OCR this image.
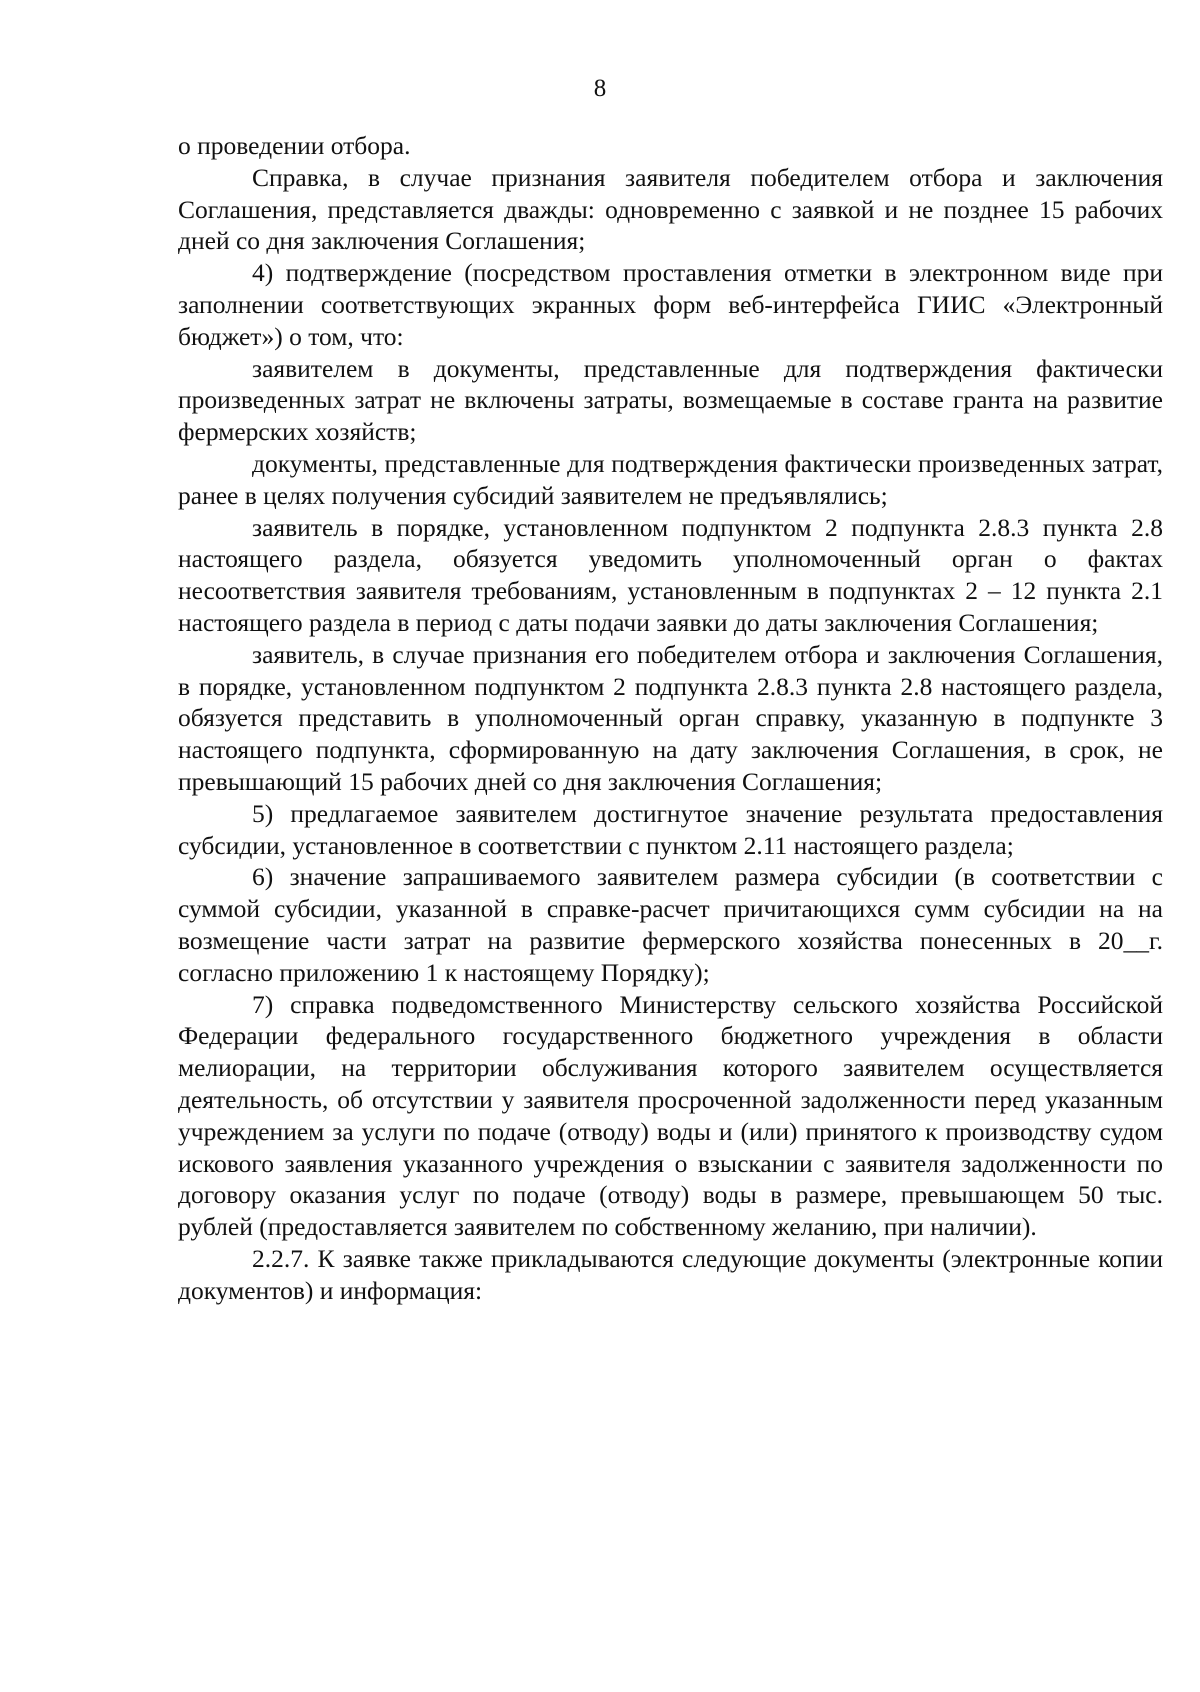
8

о проведении отбора.

Справка, в случае признания заявителя победителем отбора и заключения Соглашения, представляется дважды: одновременно с заявкой и не позднее 15 рабочих дней со дня заключения Соглашения;

4) подтверждение (посредством проставления отметки в электронном виде при заполнении соответствующих экранных форм веб-интерфейса ГИИС «Электронный бюджет») о том, что:

заявителем в документы, представленные для подтверждения фактически произведенных затрат не включены затраты, возмещаемые в составе гранта на развитие фермерских хозяйств;

документы, представленные для подтверждения фактически произведенных затрат, ранее в целях получения субсидий заявителем не предъявлялись;

заявитель в порядке, установленном подпунктом 2 подпункта 2.8.3 пункта 2.8 настоящего раздела, обязуется уведомить уполномоченный орган о фактах несоответствия заявителя требованиям, установленным в подпунктах 2 – 12 пункта 2.1 настоящего раздела в период с даты подачи заявки до даты заключения Соглашения;

заявитель, в случае признания его победителем отбора и заключения Соглашения, в порядке, установленном подпунктом 2 подпункта 2.8.3 пункта 2.8 настоящего раздела, обязуется представить в уполномоченный орган справку, указанную в подпункте 3 настоящего подпункта, сформированную на дату заключения Соглашения, в срок, не превышающий 15 рабочих дней со дня заключения Соглашения;

5) предлагаемое заявителем достигнутое значение результата предоставления субсидии, установленное в соответствии с пунктом 2.11 настоящего раздела;

6) значение запрашиваемого заявителем размера субсидии (в соответствии с суммой субсидии, указанной в справке-расчет причитающихся сумм субсидии на на возмещение части затрат на развитие фермерского хозяйства понесенных в 20__г. согласно приложению 1 к настоящему Порядку);

7) справка подведомственного Министерству сельского хозяйства Российской Федерации федерального государственного бюджетного учреждения в области мелиорации, на территории обслуживания которого заявителем осуществляется деятельность, об отсутствии у заявителя просроченной задолженности перед указанным учреждением за услуги по подаче (отводу) воды и (или) принятого к производству судом искового заявления указанного учреждения о взыскании с заявителя задолженности по договору оказания услуг по подаче (отводу) воды в размере, превышающем 50 тыс. рублей (предоставляется заявителем по собственному желанию, при наличии).

2.2.7. К заявке также прикладываются следующие документы (электронные копии документов) и информация:
